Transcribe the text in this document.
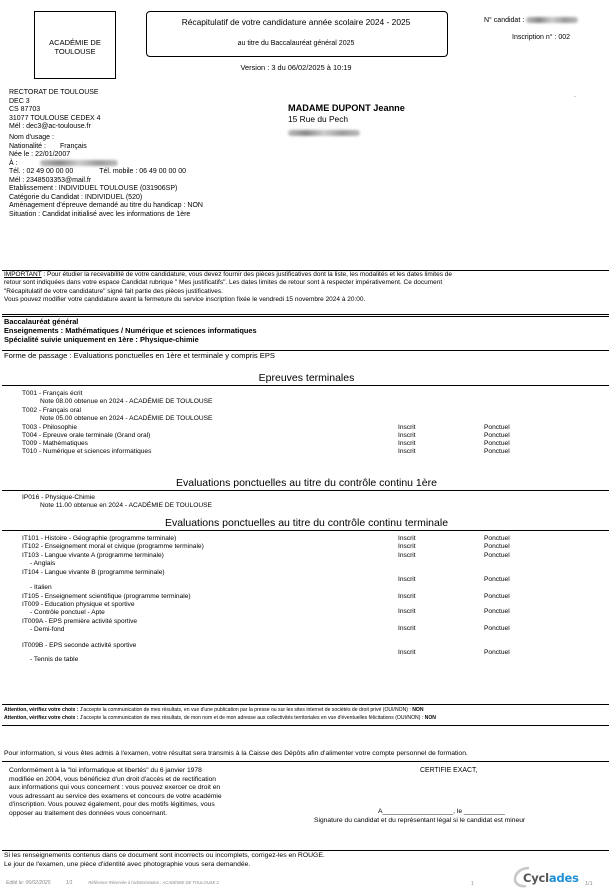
ACADÉMIE DE TOULOUSE
Récapitulatif de votre candidature année scolaire 2024 - 2025
au titre du Baccalauréat général 2025
Version : 3 du 06/02/2025 à 10:19
N° candidat :
Inscription n° : 002
RECTORAT DE TOULOUSE
DEC 3
CS 87703
31077 TOULOUSE CEDEX 4
Mél : dec3@ac-toulouse.fr
MADAME DUPONT Jeanne
15 Rue du Pech
·
Nom d'usage :
Nationalité : Français
Née le : 22/01/2007
À :
Tél. : 02 49 00 00 00	Tél. mobile : 06 49 00 00 00
Mél : 2348503353@mail.fr
Etablissement : INDIVIDUEL TOULOUSE (031906SP)
Catégorie du Candidat : INDIVIDUEL (520)
Aménagement d'épreuve demandé au titre du handicap : NON
Situation : Candidat initialisé avec les informations de 1ère
IMPORTANT : Pour étudier la recevabilité de votre candidature, vous devez fournir des pièces justificatives dont la liste, les modalités et les dates limites de
retour sont indiquées dans votre espace Candidat rubrique " Mes justificatifs". Les dates limites de retour sont à respecter impérativement. Ce document
"Récapitulatif de votre candidature" signé fait partie des pièces justificatives.
Vous pouvez modifier votre candidature avant la fermeture du service inscription fixée le vendredi 15 novembre 2024 à 20:00.
Baccalauréat général
Enseignements : Mathématiques / Numérique et sciences informatiques
Spécialité suivie uniquement en 1ère : Physique-chimie
Forme de passage : Evaluations ponctuelles en 1ère et terminale y compris EPS
Epreuves terminales
T001 - Français écrit
Note 08.00 obtenue en 2024 - ACADÉMIE DE TOULOUSE
T002 - Français oral
Note 05.00 obtenue en 2024 - ACADÉMIE DE TOULOUSE
T003 - Philosophie	Inscrit	Ponctuel
T004 - Epreuve orale terminale (Grand oral)	Inscrit	Ponctuel
T009 - Mathématiques	Inscrit	Ponctuel
T010 - Numérique et sciences informatiques	Inscrit	Ponctuel
Evaluations ponctuelles au titre du contrôle continu 1ère
IP016 - Physique-Chimie
Note 11.00 obtenue en 2024 - ACADÉMIE DE TOULOUSE
Evaluations ponctuelles au titre du contrôle continu terminale
IT101 - Histoire - Géographie (programme terminale)	Inscrit	Ponctuel
IT102 - Enseignement moral et civique (programme terminale)	Inscrit	Ponctuel
IT103 - Langue vivante A (programme terminale)	Inscrit	Ponctuel
- Anglais
IT104 - Langue vivante B (programme terminale)
Inscrit	Ponctuel
- Italien
IT105 - Enseignement scientifique (programme terminale)	Inscrit	Ponctuel
IT009 - Education physique et sportive
Inscrit	Ponctuel
- Contrôle ponctuel - Apte
IT009A - EPS première activité sportive
Inscrit	Ponctuel
- Demi-fond
IT009B - EPS seconde activité sportive
Inscrit	Ponctuel
- Tennis de table
Attention, vérifiez votre choix : J'accepte la communication de mes résultats, en vue d'une publication par la presse ou sur les sites internet de sociétés de droit privé (OUI/NON) : NON
Attention, vérifiez votre choix : J'accepte la communication de mes résultats, de mon nom et de mon adresse aux collectivités territoriales en vue d'éventuelles félicitations (OUI/NON) : NON
Pour information, si vous êtes admis à l'examen, votre résultat sera transmis à la Caisse des Dépôts afin d'alimenter votre compte personnel de formation.
Conformément à la "loi informatique et libertés" du 6 janvier 1978
modifiée en 2004, vous bénéficiez d'un droit d'accès et de rectification
aux informations qui vous concernent : vous pouvez exercer ce droit en
vous adressant au service des examens et concours de votre académie
d'inscription. Vous pouvez également, pour des motifs légitimes, vous
opposer au traitement des données vous concernant.
CERTIFIE EXACT,
A___________________, le ___________
Signature du candidat et du représentant légal si le candidat est mineur
Si les renseignements contenus dans ce document sont incorrects ou incomplets, corrigez-les en ROUGE.
Le jour de l'examen, une pièce d'identité avec photographie vous sera demandée.
Edité le: 06/02/2025	1/1	Référence Réservée à l'administration : ACADÉMIE DE TOULOUSE 2	1	Cyclades 1/1
